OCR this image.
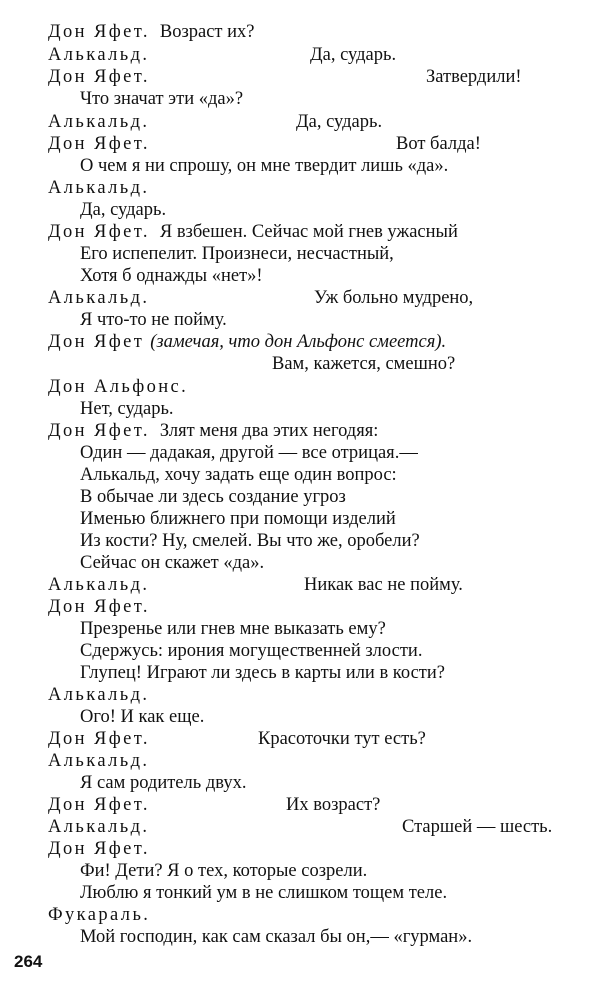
Дон Яфет. Возраст их?
Алькальд.	Да, сударь.
Дон Яфет.	Затвердили!
Что значат эти «да»?
Алькальд.	Да, сударь.
Дон Яфет.	Вот балда!
О чем я ни спрошу, он мне твердит лишь «да».
Алькальд.
Да, сударь.
Дон Яфет. Я взбешен. Сейчас мой гнев ужасный
Его испепелит. Произнеси, несчастный,
Хотя б однажды «нет»!
Алькальд.	Уж больно мудрено,
Я что-то не пойму.
Дон Яфет (замечая, что дон Альфонс смеется).
Вам, кажется, смешно?
Дон Альфонс.
Нет, сударь.
Дон Яфет. Злят меня два этих негодяя:
Один — дадакая, другой — все отрицая.—
Алькальд, хочу задать еще один вопрос:
В обычае ли здесь создание угроз
Именью ближнего при помощи изделий
Из кости? Ну, смелей. Вы что же, оробели?
Сейчас он скажет «да».
Алькальд.	Никак вас не пойму.
Дон Яфет.
Презренье или гнев мне выказать ему?
Сдержусь: ирония могущественней злости.
Глупец! Играют ли здесь в карты или в кости?
Алькальд.
Ого! И как еще.
Дон Яфет.	Красоточки тут есть?
Алькальд.
Я сам родитель двух.
Дон Яфет.	Их возраст?
Алькальд.	Старшей — шесть.
Дон Яфет.
Фи! Дети? Я о тех, которые созрели.
Люблю я тонкий ум в не слишком тощем теле.
Фукараль.
Мой господин, как сам сказал бы он,— «гурман».
264
